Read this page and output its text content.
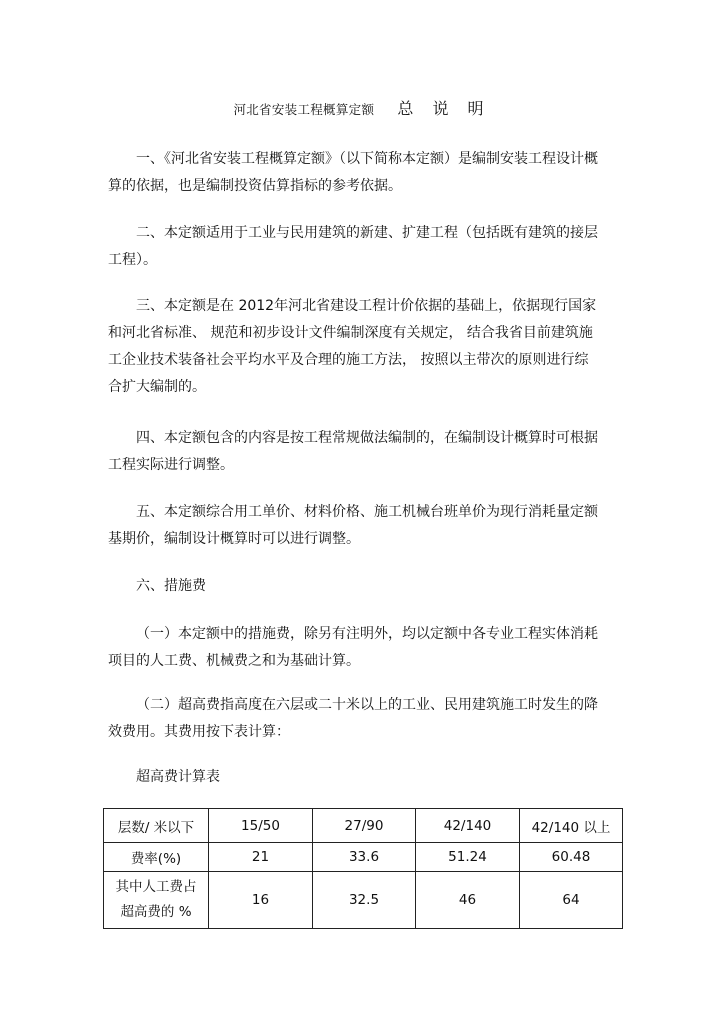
河北省安装工程概算定额 总 说 明
一、《河北省安装工程概算定额》（以下简称本定额）是编制安装工程设计概算的依据，也是编制投资估算指标的参考依据。
二、本定额适用于工业与民用建筑的新建、扩建工程（包括既有建筑的接层工程）。
三、本定额是在 2012年河北省建设工程计价依据的基础上，依据现行国家和河北省标准、 规范和初步设计文件编制深度有关规定， 结合我省目前建筑施工企业技术装备社会平均水平及合理的施工方法， 按照以主带次的原则进行综合扩大编制的。
四、本定额包含的内容是按工程常规做法编制的，在编制设计概算时可根据工程实际进行调整。
五、本定额综合用工单价、材料价格、施工机械台班单价为现行消耗量定额基期价，编制设计概算时可以进行调整。
六、措施费
（一）本定额中的措施费，除另有注明外，均以定额中各专业工程实体消耗项目的人工费、机械费之和为基础计算。
（二）超高费指高度在六层或二十米以上的工业、民用建筑施工时发生的降效费用。其费用按下表计算：
超高费计算表
层数/ 米以下	15/50	27/90	42/140	42/140 以上
费率(%)	21	33.6	51.24	60.48

其中人工费占
超高费的 %	16	32.5	46	64
